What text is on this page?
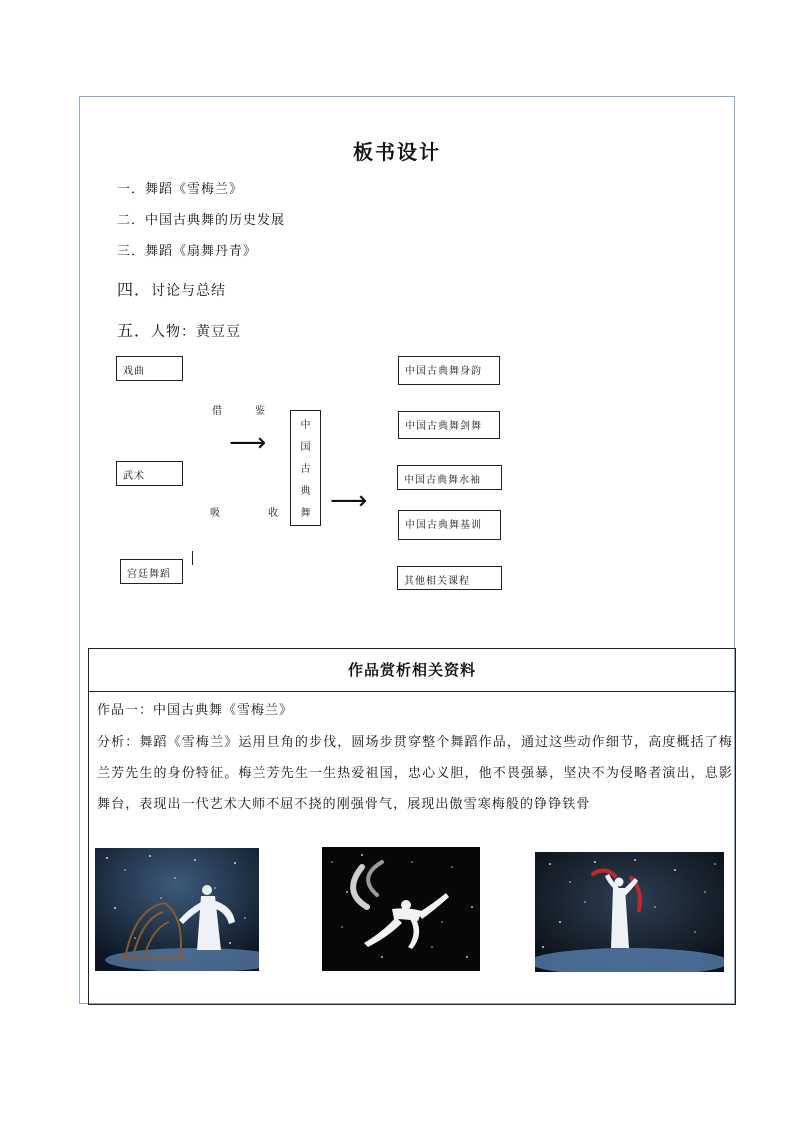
板书设计
一．舞蹈《雪梅兰》
二．中国古典舞的历史发展
三．舞蹈《扇舞丹青》
四．讨论与总结
五．人物：黄豆豆
戏曲
武术
宫廷舞蹈
借	鉴
⟶
吸	收
中
国
古
典
舞 ⟶
中国古典舞身韵
中国古典舞剑舞
中国古典舞水袖
中国古典舞基训
其他相关课程
作品赏析相关资料
作品一：中国古典舞《雪梅兰》
分析：舞蹈《雪梅兰》运用旦角的步伐，圆场步贯穿整个舞蹈作品，通过这些动作细节，高度概括了梅兰芳先生的身份特征。梅兰芳先生一生热爱祖国，忠心义胆，他不畏强暴，坚决不为侵略者演出，息影舞台，表现出一代艺术大师不屈不挠的刚强骨气，展现出傲雪寒梅般的铮铮铁骨
